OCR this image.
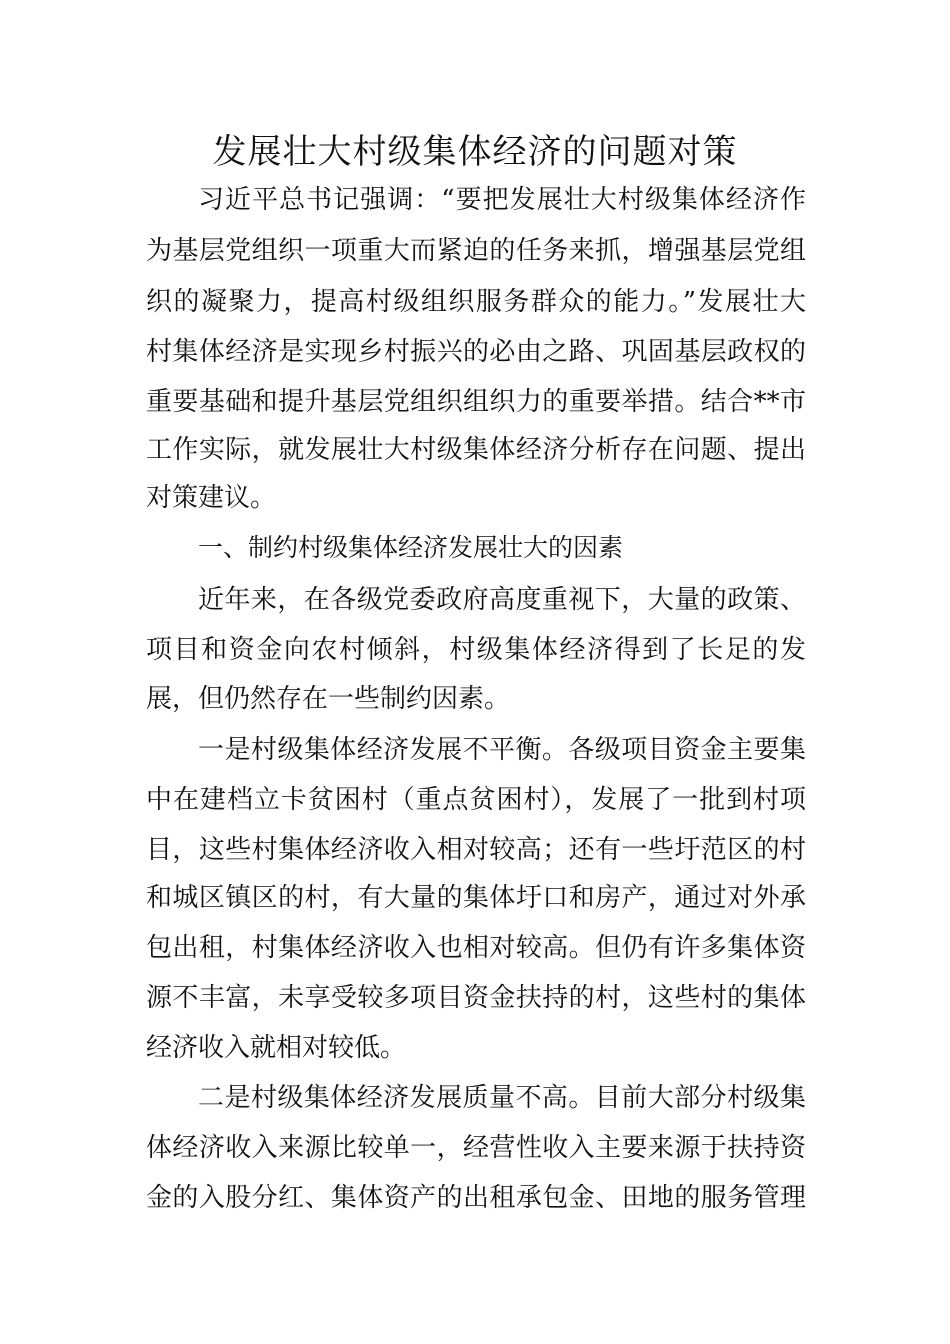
发展壮大村级集体经济的问题对策
习近平总书记强调：“要把发展壮大村级集体经济作
为基层党组织一项重大而紧迫的任务来抓，增强基层党组
织的凝聚力，提高村级组织服务群众的能力。”发展壮大
村集体经济是实现乡村振兴的必由之路、巩固基层政权的
重要基础和提升基层党组织组织力的重要举措。结合**市
工作实际，就发展壮大村级集体经济分析存在问题、提出
对策建议。
一、制约村级集体经济发展壮大的因素
近年来，在各级党委政府高度重视下，大量的政策、
项目和资金向农村倾斜，村级集体经济得到了长足的发
展，但仍然存在一些制约因素。
一是村级集体经济发展不平衡。各级项目资金主要集
中在建档立卡贫困村（重点贫困村），发展了一批到村项
目，这些村集体经济收入相对较高；还有一些圩范区的村
和城区镇区的村，有大量的集体圩口和房产，通过对外承
包出租，村集体经济收入也相对较高。但仍有许多集体资
源不丰富，未享受较多项目资金扶持的村，这些村的集体
经济收入就相对较低。
二是村级集体经济发展质量不高。目前大部分村级集
体经济收入来源比较单一，经营性收入主要来源于扶持资
金的入股分红、集体资产的出租承包金、田地的服务管理
